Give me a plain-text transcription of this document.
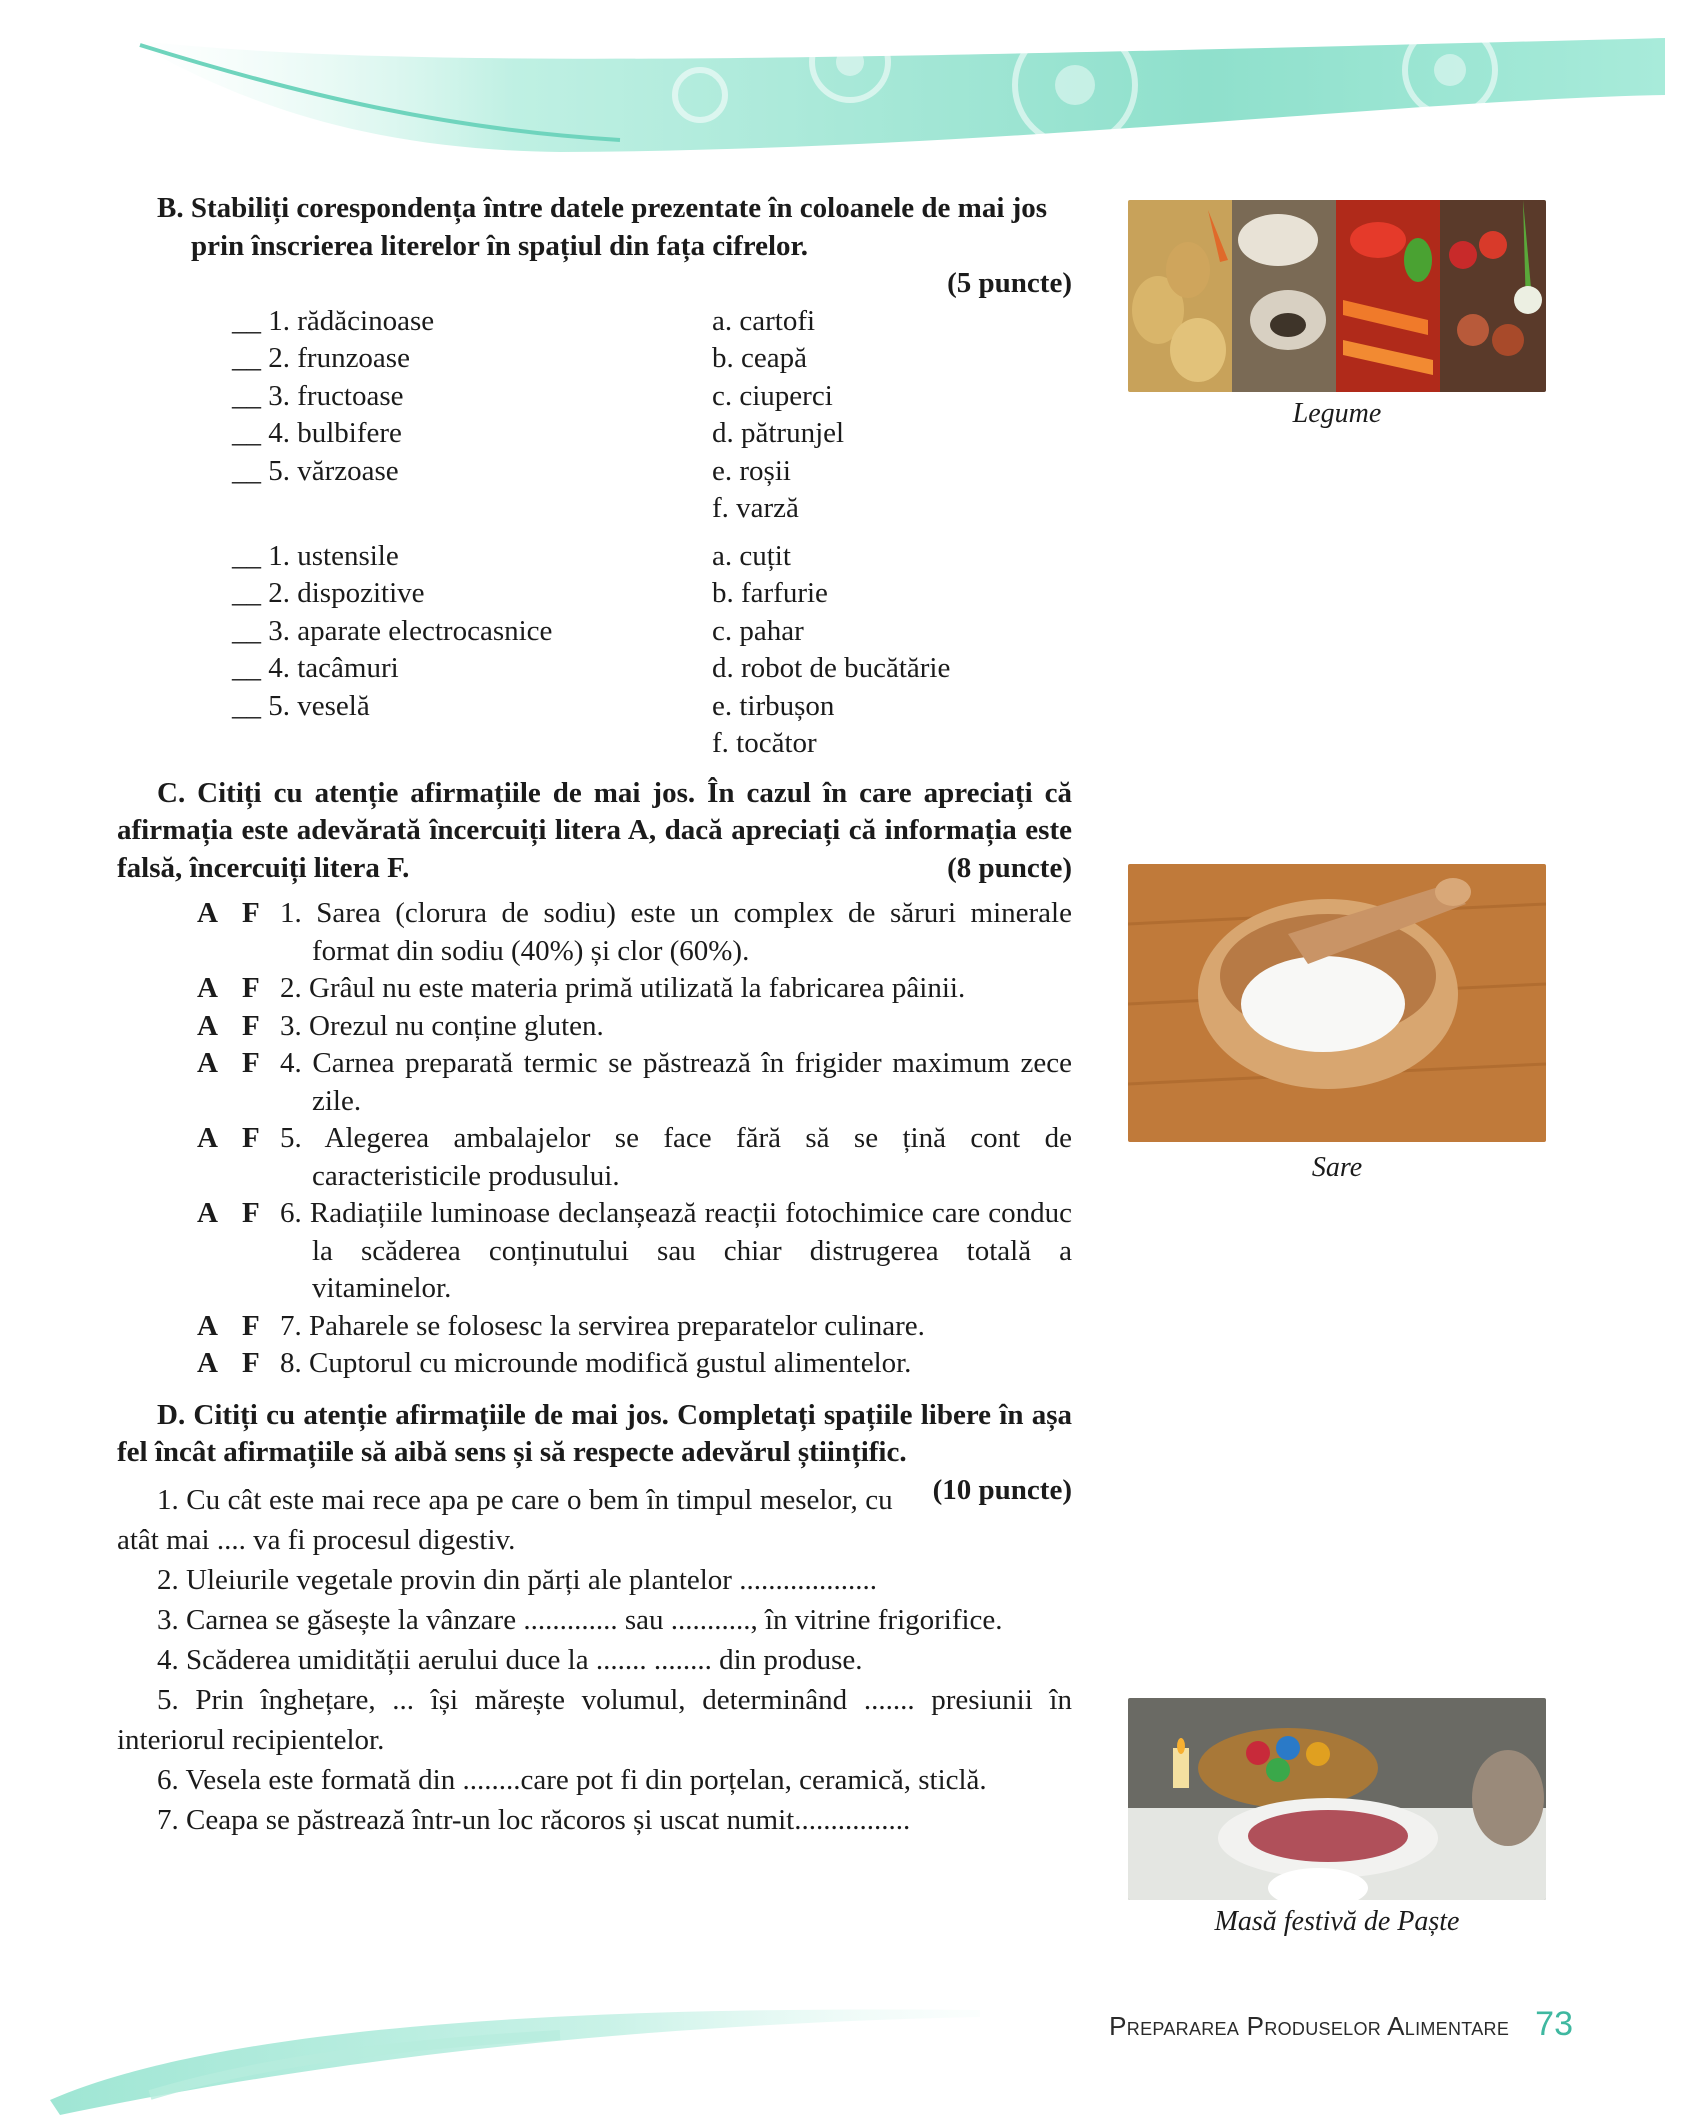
B. Stabiliți corespondența între datele prezentate în coloanele de mai jos prin înscrierea literelor în spațiul din fața cifrelor.

(5 puncte)
__ 1. rădăcinoase
__ 2. frunzoase
__ 3. fructoase
__ 4. bulbifere
__ 5. vărzoase
a. cartofi
b. ceapă
c. ciuperci
d. pătrunjel
e. roșii
f. varză
__ 1. ustensile
__ 2. dispozitive
__ 3. aparate electrocasnice
__ 4. tacâmuri
__ 5. veselă
a. cuțit
b. farfurie
c. pahar
d. robot de bucătărie
e. tirbușon
f. tocător

C. Citiți cu atenție afirmațiile de mai jos. În cazul în care apreciați că afirmația este adevărată încercuiți litera A, dacă apreciați că informația este falsă, încercuiți litera F.	(8 puncte)

A F 1. Sarea (clorura de sodiu) este un complex de săruri minerale format din sodiu (40%) și clor (60%).
A F 2. Grâul nu este materia primă utilizată la fabricarea pâinii.
A F 3. Orezul nu conține gluten.
A F 4. Carnea preparată termic se păstrează în frigider maximum zece zile.
A F 5. Alegerea ambalajelor se face fără să se țină cont de caracteristicile produsului.
A F 6. Radiațiile luminoase declanșează reacții fotochimice care conduc la scăderea conținutului sau chiar distrugerea totală a vitaminelor.
A F 7. Paharele se folosesc la servirea preparatelor culinare.
A F 8. Cuptorul cu microunde modifică gustul alimentelor.

D. Citiți cu atenție afirmațiile de mai jos. Completați spațiile libere în așa fel încât afirmațiile să aibă sens și să respecte adevărul științific.
(10 puncte)

1. Cu cât este mai rece apa pe care o bem în timpul meselor, cu atât mai .... va fi procesul digestiv.
2. Uleiurile vegetale provin din părți ale plantelor ...................
3. Carnea se găsește la vânzare ............. sau ..........., în vitrine frigorifice.
4. Scăderea umidității aerului duce la ....... ........ din produse.
5. Prin înghețare, ... își mărește volumul, determinând ....... presiunii în interiorul recipientelor.
6. Vesela este formată din ........care pot fi din porțelan, ceramică, sticlă.
7. Ceapa se păstrează într-un loc răcoros și uscat numit................
Legume
Sare
Masă festivă de Paște
Prepararea Produselor Alimentare 73
